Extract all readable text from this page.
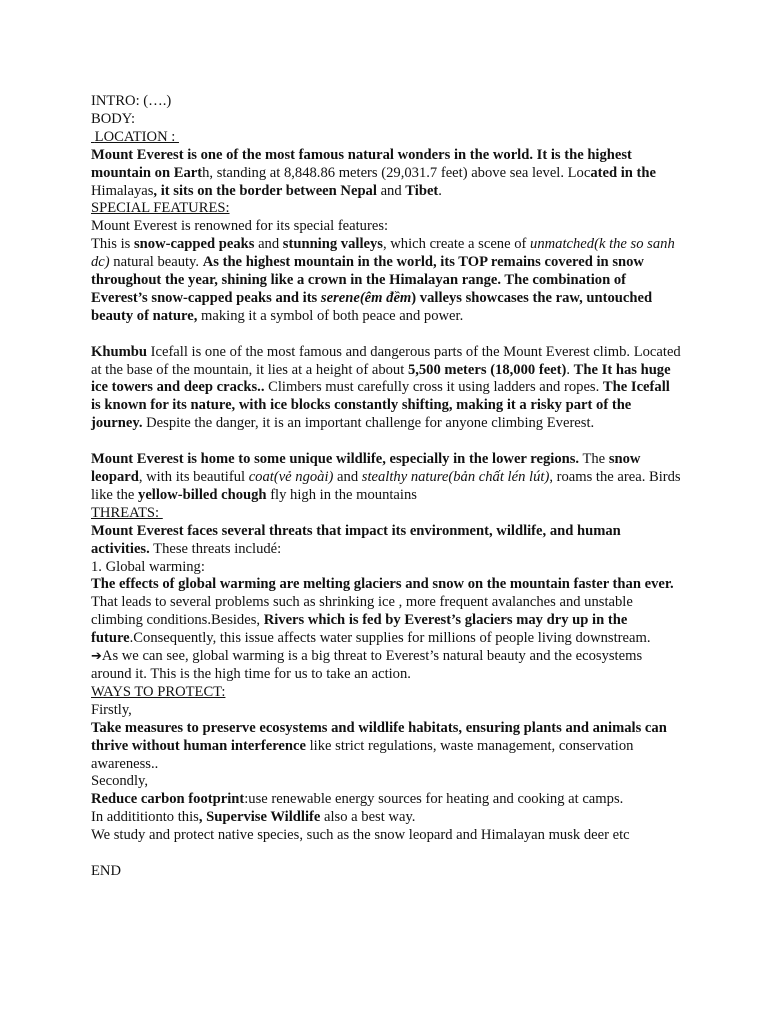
INTRO: (….)
BODY:
LOCATION :

Mount Everest is one of the most famous natural wonders in the world. It is the highest mountain on Earth, standing at 8,848.86 meters (29,031.7 feet) above sea level. Located in the Himalayas, it sits on the border between Nepal and Tibet.

SPECIAL FEATURES:
Mount Everest is renowned for its special features:

This is snow-capped peaks and stunning valleys, which create a scene of unmatched(k the so sanh dc) natural beauty. As the highest mountain in the world, its TOP remains covered in snow throughout the year, shining like a crown in the Himalayan range. The combination of Everest’s snow-capped peaks and its serene(êm đềm) valleys showcases the raw, untouched beauty of nature, making it a symbol of both peace and power.

Khumbu Icefall is one of the most famous and dangerous parts of the Mount Everest climb. Located at the base of the mountain, it lies at a height of about 5,500 meters (18,000 feet). The It has huge ice towers and deep cracks.. Climbers must carefully cross it using ladders and ropes. The Icefall is known for its nature, with ice blocks constantly shifting, making it a risky part of the journey. Despite the danger, it is an important challenge for anyone climbing Everest.

Mount Everest is home to some unique wildlife, especially in the lower regions. The snow leopard, with its beautiful coat(vẻ ngoài) and stealthy nature(bản chất lén lút), roams the area. Birds like the yellow-billed chough fly high in the mountains

THREATS:

Mount Everest faces several threats that impact its environment, wildlife, and human activities. These threats includé:

1. Global warming:

The effects of global warming are melting glaciers and snow on the mountain faster than ever. That leads to several problems such as shrinking ice , more frequent avalanches and unstable climbing conditions.Besides, Rivers which is fed by Everest’s glaciers may dry up in the future.Consequently, this issue affects water supplies for millions of people living downstream.

➔As we can see, global warming is a big threat to Everest’s natural beauty and the ecosystems around it. This is the high time for us to take an action.

WAYS TO PROTECT:
Firstly,

Take measures to preserve ecosystems and wildlife habitats, ensuring plants and animals can thrive without human interference like strict regulations, waste management, conservation awareness..

Secondly,

Reduce carbon footprint:use renewable energy sources for heating and cooking at camps.

In addititionto this, Supervise Wildlife also a best way.

We study and protect native species, such as the snow leopard and Himalayan musk deer etc
END
